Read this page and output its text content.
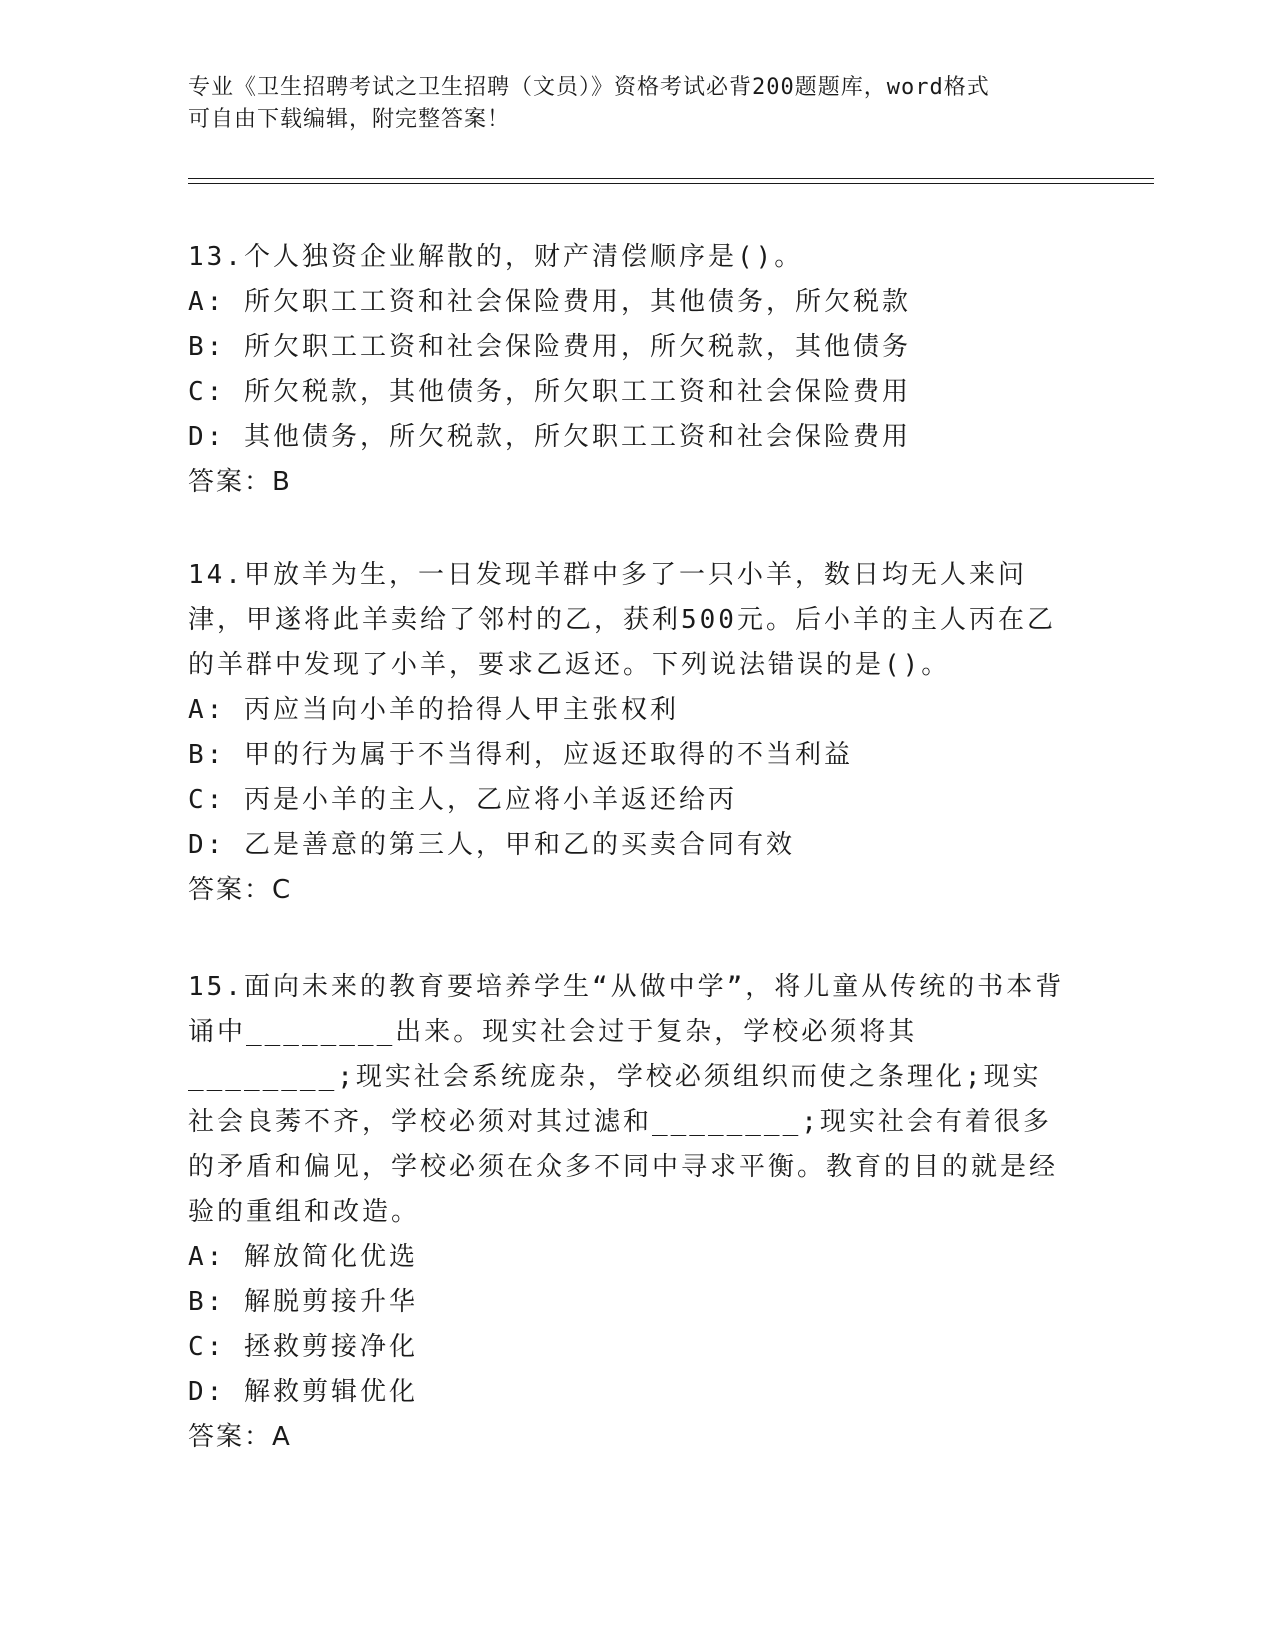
专业《卫生招聘考试之卫生招聘（文员）》资格考试必背200题题库，word格式
可自由下载编辑，附完整答案！
13.个人独资企业解散的，财产清偿顺序是()。
A: 所欠职工工资和社会保险费用，其他债务，所欠税款
B: 所欠职工工资和社会保险费用，所欠税款，其他债务
C: 所欠税款，其他债务，所欠职工工资和社会保险费用
D: 其他债务，所欠税款，所欠职工工资和社会保险费用
答案：B
14.甲放羊为生，一日发现羊群中多了一只小羊，数日均无人来问津，甲遂将此羊卖给了邻村的乙，获利500元。后小羊的主人丙在乙的羊群中发现了小羊，要求乙返还。下列说法错误的是()。
A: 丙应当向小羊的拾得人甲主张权利
B: 甲的行为属于不当得利，应返还取得的不当利益
C: 丙是小羊的主人，乙应将小羊返还给丙
D: 乙是善意的第三人，甲和乙的买卖合同有效
答案：C
15.面向未来的教育要培养学生“从做中学”，将儿童从传统的书本背诵中________出来。现实社会过于复杂，学校必须将其________;现实社会系统庞杂，学校必须组织而使之条理化;现实社会良莠不齐，学校必须对其过滤和________;现实社会有着很多的矛盾和偏见，学校必须在众多不同中寻求平衡。教育的目的就是经验的重组和改造。
A: 解放简化优选
B: 解脱剪接升华
C: 拯救剪接净化
D: 解救剪辑优化
答案：A
